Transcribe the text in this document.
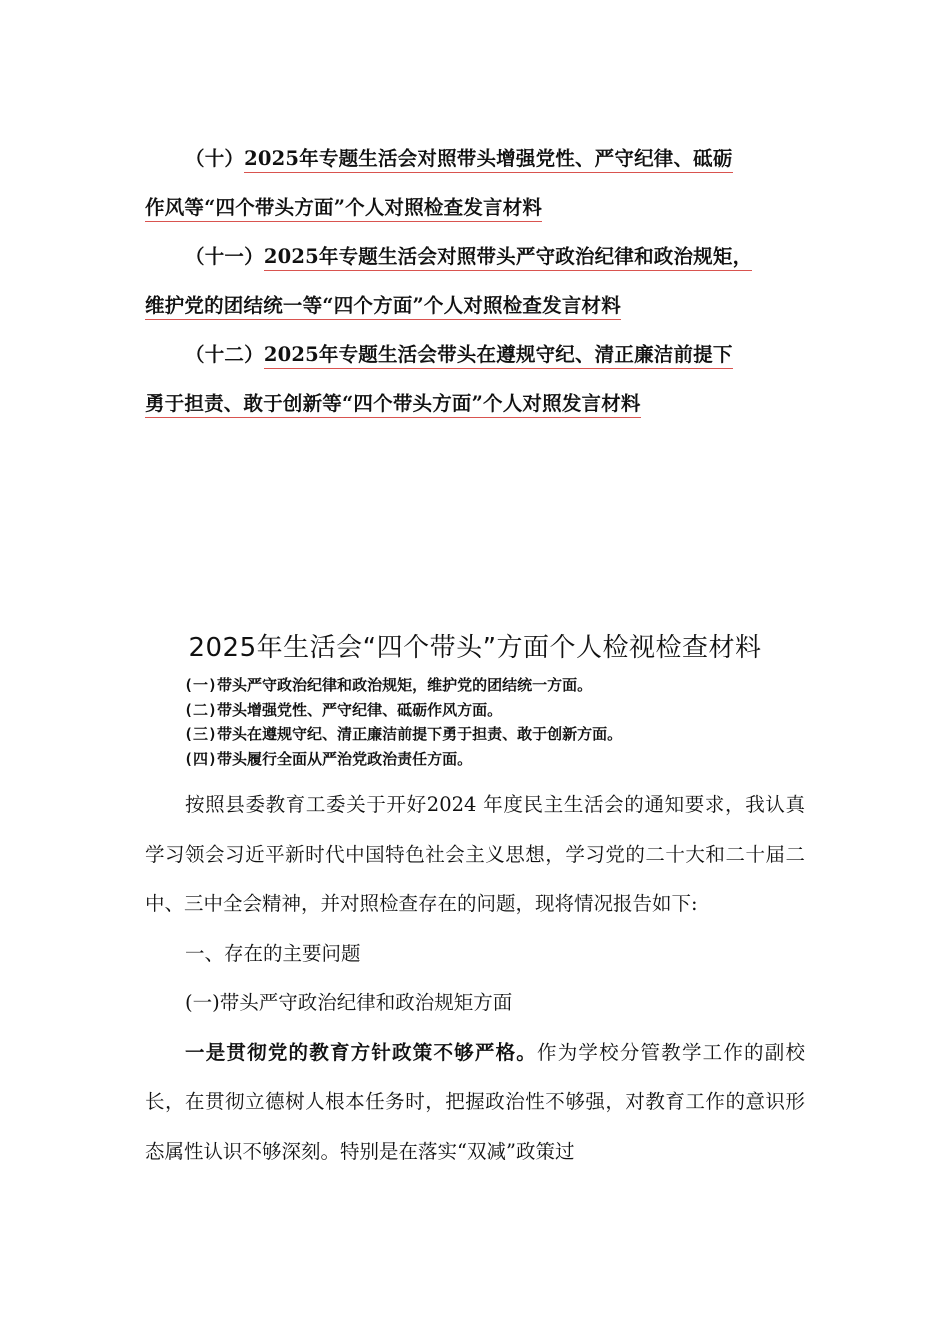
（十）2025年专题生活会对照带头增强党性、严守纪律、砥砺
作风等“四个带头方面”个人对照检查发言材料
（十一）2025年专题生活会对照带头严守政治纪律和政治规矩，
维护党的团结统一等“四个方面”个人对照检查发言材料
（十二）2025年专题生活会带头在遵规守纪、清正廉洁前提下
勇于担责、敢于创新等“四个带头方面”个人对照发言材料
2025年生活会“四个带头”方面个人检视检查材料
(一)带头严守政治纪律和政治规矩，维护党的团结统一方面。
(二)带头增强党性、严守纪律、砥砺作风方面。
(三)带头在遵规守纪、清正廉洁前提下勇于担责、敢于创新方面。
(四)带头履行全面从严治党政治责任方面。

按照县委教育工委关于开好2024 年度民主生活会的通知要求，我认真学习领会习近平新时代中国特色社会主义思想，学习党的二十大和二十届二中、三中全会精神，并对照检查存在的问题，现将情况报告如下:

一、存在的主要问题

(一)带头严守政治纪律和政治规矩方面

一是贯彻党的教育方针政策不够严格。作为学校分管教学工作的副校长，在贯彻立德树人根本任务时，把握政治性不够强，对教育工作的意识形态属性认识不够深刻。特别是在落实“双减”政策过
